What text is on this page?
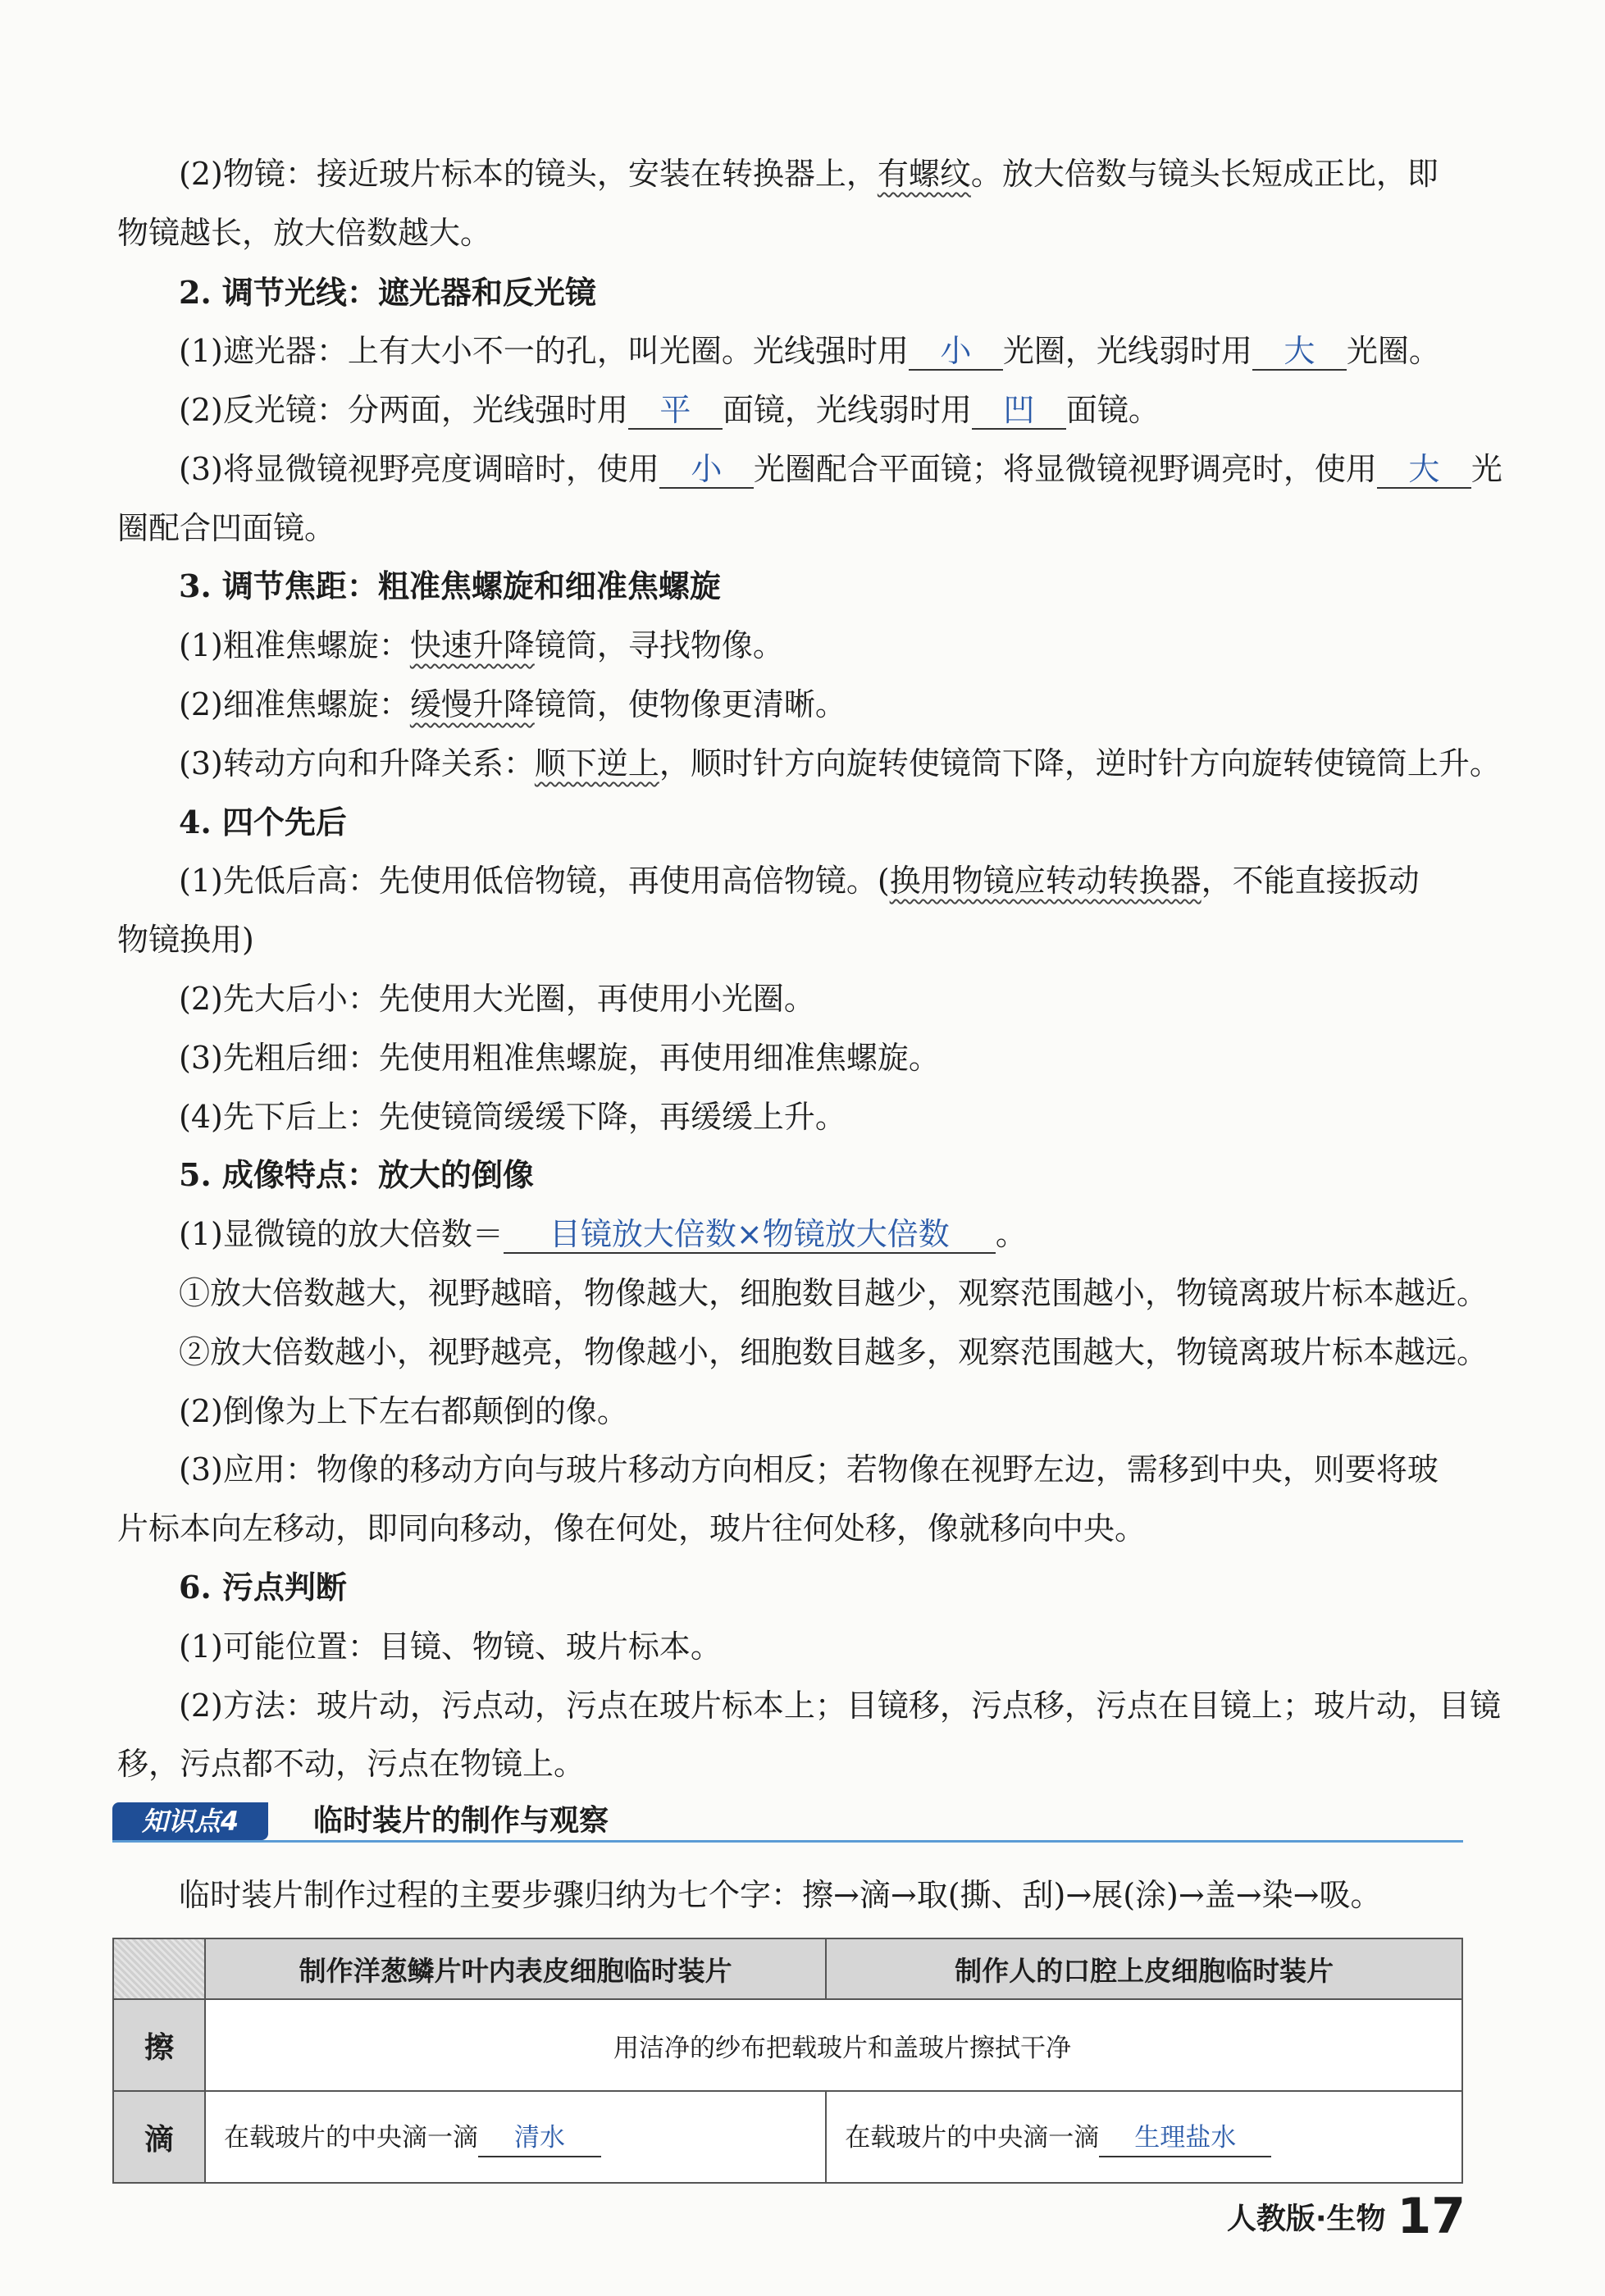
(2)物镜：接近玻片标本的镜头，安装在转换器上，有螺纹。放大倍数与镜头长短成正比，即
物镜越长，放大倍数越大。
2. 调节光线：遮光器和反光镜
(1)遮光器：上有大小不一的孔，叫光圈。光线强时用 小 光圈，光线弱时用 大 光圈。
(2)反光镜：分两面，光线强时用 平 面镜，光线弱时用 凹 面镜。
(3)将显微镜视野亮度调暗时，使用 小 光圈配合平面镜；将显微镜视野调亮时，使用 大 光
圈配合凹面镜。
3. 调节焦距：粗准焦螺旋和细准焦螺旋
(1)粗准焦螺旋：快速升降镜筒，寻找物像。
(2)细准焦螺旋：缓慢升降镜筒，使物像更清晰。
(3)转动方向和升降关系：顺下逆上，顺时针方向旋转使镜筒下降，逆时针方向旋转使镜筒上升。
4. 四个先后
(1)先低后高：先使用低倍物镜，再使用高倍物镜。(换用物镜应转动转换器，不能直接扳动
物镜换用)
(2)先大后小：先使用大光圈，再使用小光圈。
(3)先粗后细：先使用粗准焦螺旋，再使用细准焦螺旋。
(4)先下后上：先使镜筒缓缓下降，再缓缓上升。
5. 成像特点：放大的倒像
(1)显微镜的放大倍数＝ 目镜放大倍数×物镜放大倍数 。
①放大倍数越大，视野越暗，物像越大，细胞数目越少，观察范围越小，物镜离玻片标本越近。
②放大倍数越小，视野越亮，物像越小，细胞数目越多，观察范围越大，物镜离玻片标本越远。
(2)倒像为上下左右都颠倒的像。
(3)应用：物像的移动方向与玻片移动方向相反；若物像在视野左边，需移到中央，则要将玻
片标本向左移动，即同向移动，像在何处，玻片往何处移，像就移向中央。
6. 污点判断
(1)可能位置：目镜、物镜、玻片标本。
(2)方法：玻片动，污点动，污点在玻片标本上；目镜移，污点移，污点在目镜上；玻片动，目镜
移，污点都不动，污点在物镜上。
知识点4	临时装片的制作与观察
临时装片制作过程的主要步骤归纳为七个字：擦→滴→取(撕、刮)→展(涂)→盖→染→吸。
	制作洋葱鳞片叶内表皮细胞临时装片	制作人的口腔上皮细胞临时装片
擦	用洁净的纱布把载玻片和盖玻片擦拭干净	
滴	在载玻片的中央滴一滴 清水	在载玻片的中央滴一滴 生理盐水
人教版·生物 17
